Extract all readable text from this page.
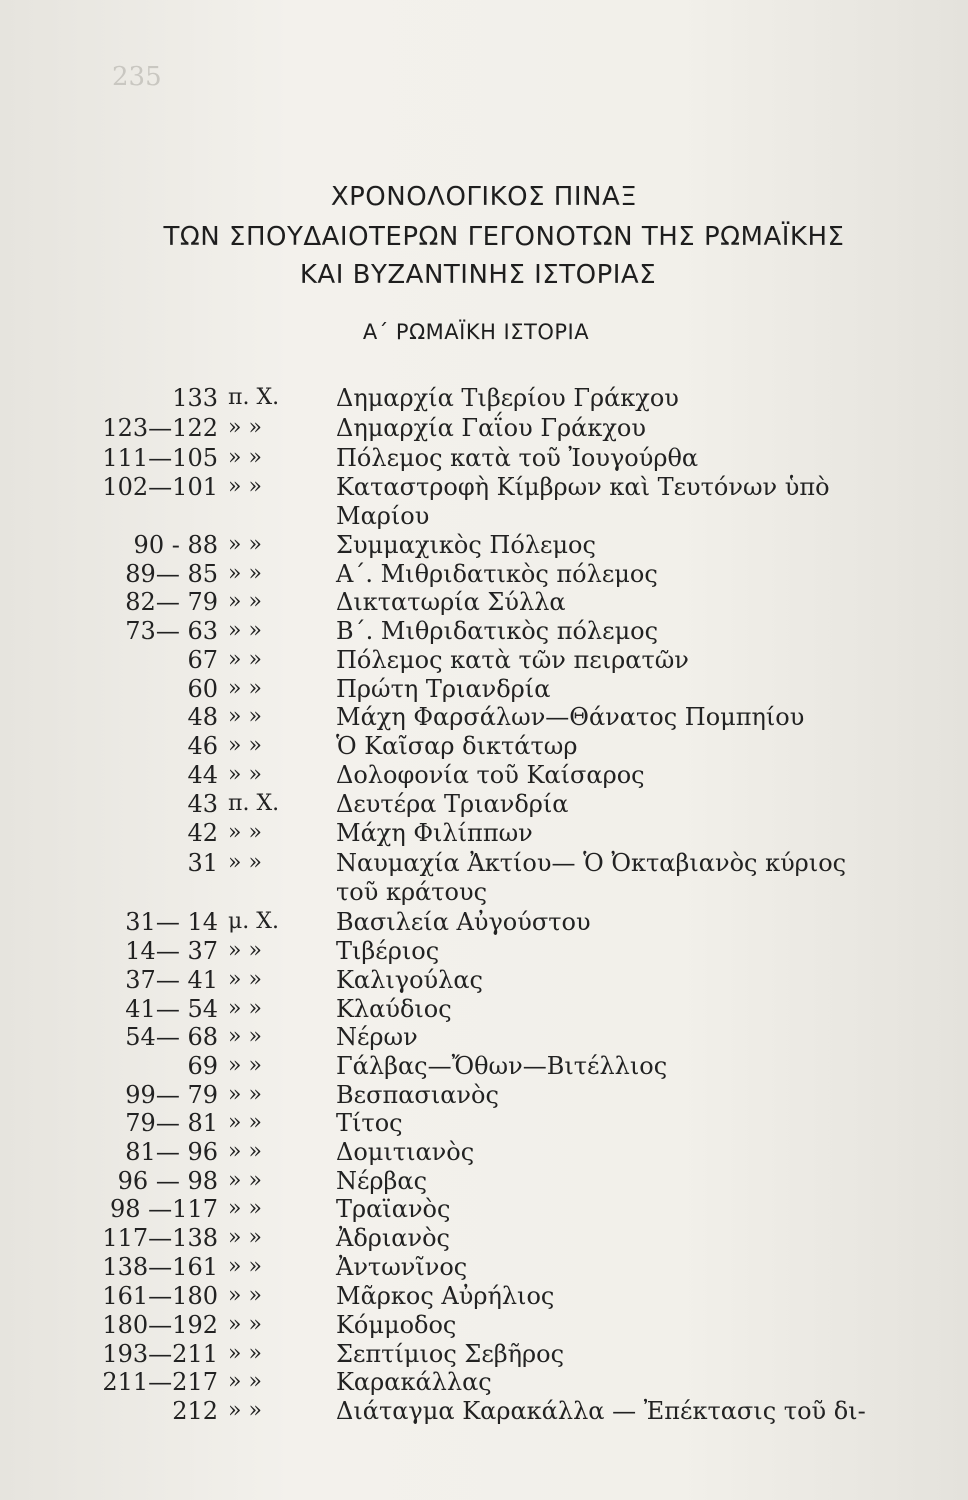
235
ΧΡΟΝΟΛΟΓΙΚΟΣ ΠΙΝΑΞ
ΤΩΝ ΣΠΟΥΔΑΙΟΤΕΡΩΝ ΓΕΓΟΝΟΤΩΝ ΤΗΣ ΡΩΜΑΪΚΗΣ
ΚΑΙ ΒΥΖΑΝΤΙΝΗΣ ΙΣΤΟΡΙΑΣ
Α΄ ΡΩΜΑΪΚΗ ΙΣΤΟΡΙΑ
133 π. Χ.	Δημαρχία Τιβερίου Γράκχου
123—122 » »	Δημαρχία Γαΐου Γράκχου
111—105 » »	Πόλεμος κατὰ τοῦ Ἰουγούρθα
102—101 » »	Καταστροφὴ Κίμβρων καὶ Τευτόνων ὑπὸ
Μαρίου
90 - 88 » »	Συμμαχικὸς Πόλεμος
89— 85 » »	Α΄. Μιθριδατικὸς πόλεμος
82— 79 » »	Δικτατωρία Σύλλα
73— 63 » »	Β΄. Μιθριδατικὸς πόλεμος
67 » »	Πόλεμος κατὰ τῶν πειρατῶν
60 » »	Πρώτη Τριανδρία
48 » »	Μάχη Φαρσάλων—Θάνατος Πομπηίου
46 » »	Ὁ Καῖσαρ δικτάτωρ
44 » »	Δολοφονία τοῦ Καίσαρος
43 π. Χ.	Δευτέρα Τριανδρία
42 » »	Μάχη Φιλίππων
31 » »	Ναυμαχία Ἀκτίου— Ὁ Ὀκταβιανὸς κύριος
τοῦ κράτους
31— 14 μ. Χ.	Βασιλεία Αὐγούστου
14— 37 » »	Τιβέριος
37— 41 » »	Καλιγούλας
41— 54 » »	Κλαύδιος
54— 68 » »	Νέρων
69 » »	Γάλβας—Ὄθων—Βιτέλλιος
99— 79 » »	Βεσπασιανὸς
79— 81 » »	Τίτος
81— 96 » »	Δομιτιανὸς
96 — 98 » »	Νέρβας
98 —117 » »	Τραϊανὸς
117—138 » »	Ἀδριανὸς
138—161 » »	Ἀντωνῖνος
161—180 » »	Μᾶρκος Αὐρήλιος
180—192 » »	Κόμμοδος
193—211 » »	Σεπτίμιος Σεβῆρος
211—217 » »	Καρακάλλας
212 » »	Διάταγμα Καρακάλλα — Ἐπέκτασις τοῦ δι-
